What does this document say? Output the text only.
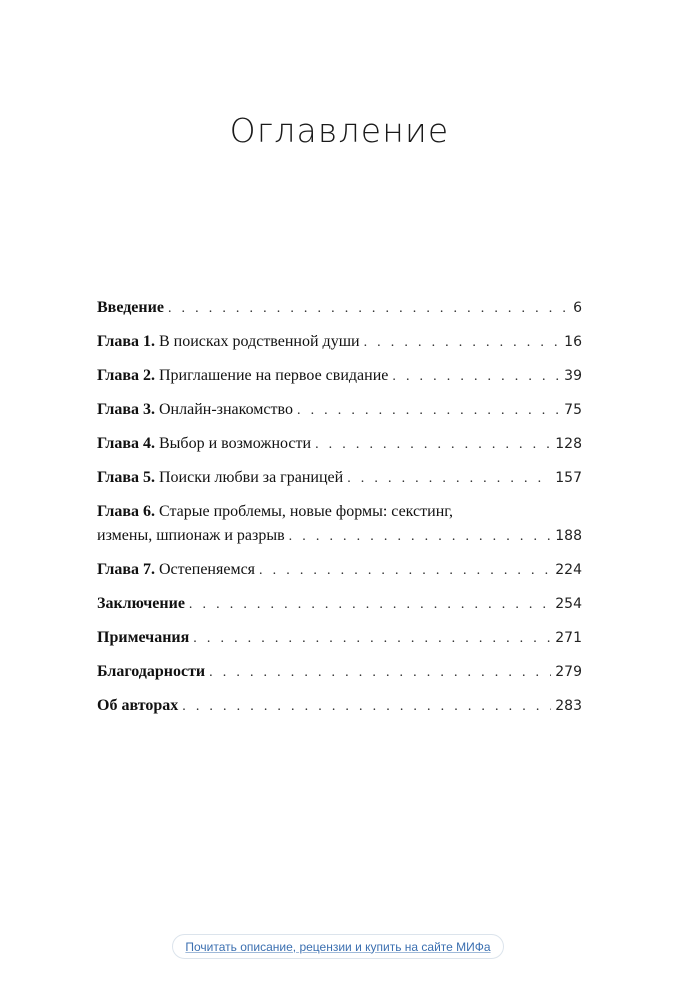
Оглавление
Введение . . .	6
Глава 1. В поисках родственной души . . .	16
Глава 2. Приглашение на первое свидание . . .	39
Глава 3. Онлайн-знакомство . . .	75
Глава 4. Выбор и возможности . . .	128
Глава 5. Поиски любви за границей . . .	157
Глава 6. Старые проблемы, новые формы: секстинг,
измены, шпионаж и разрыв . . .	188
Глава 7. Остепеняемся . . .	224
Заключение . . .	254
Примечания . . .	271
Благодарности . . .	279
Об авторах . . .	283
Почитать описание, рецензии и купить на сайте МИФа
